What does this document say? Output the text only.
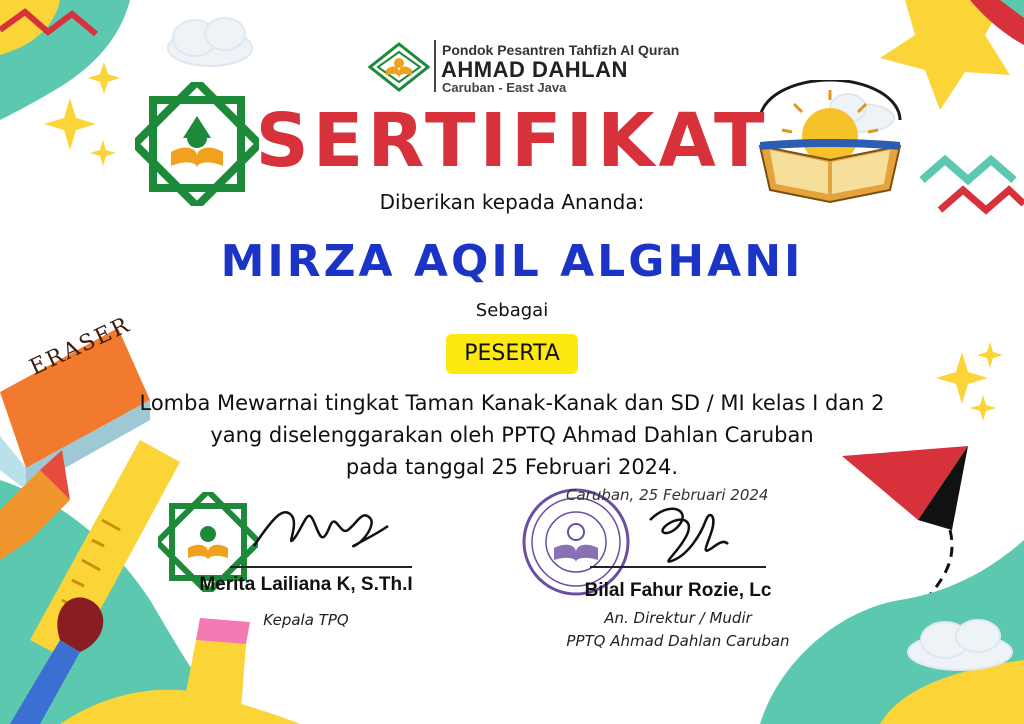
Pondok Pesantren Tahfizh Al Quran
AHMAD DAHLAN
Caruban - East Java
SERTIFIKAT
Diberikan kepada Ananda:
MIRZA AQIL ALGHANI
Sebagai
PESERTA
Lomba Mewarnai tingkat Taman Kanak-Kanak dan SD / MI kelas I dan 2
yang diselenggarakan oleh PPTQ Ahmad Dahlan Caruban
pada tanggal 25 Februari 2024.
Merita Lailiana K, S.Th.I
Kepala TPQ
Caruban, 25 Februari 2024
Bilal Fahur Rozie, Lc
An. Direktur / Mudir
PPTQ Ahmad Dahlan Caruban
ERASER
